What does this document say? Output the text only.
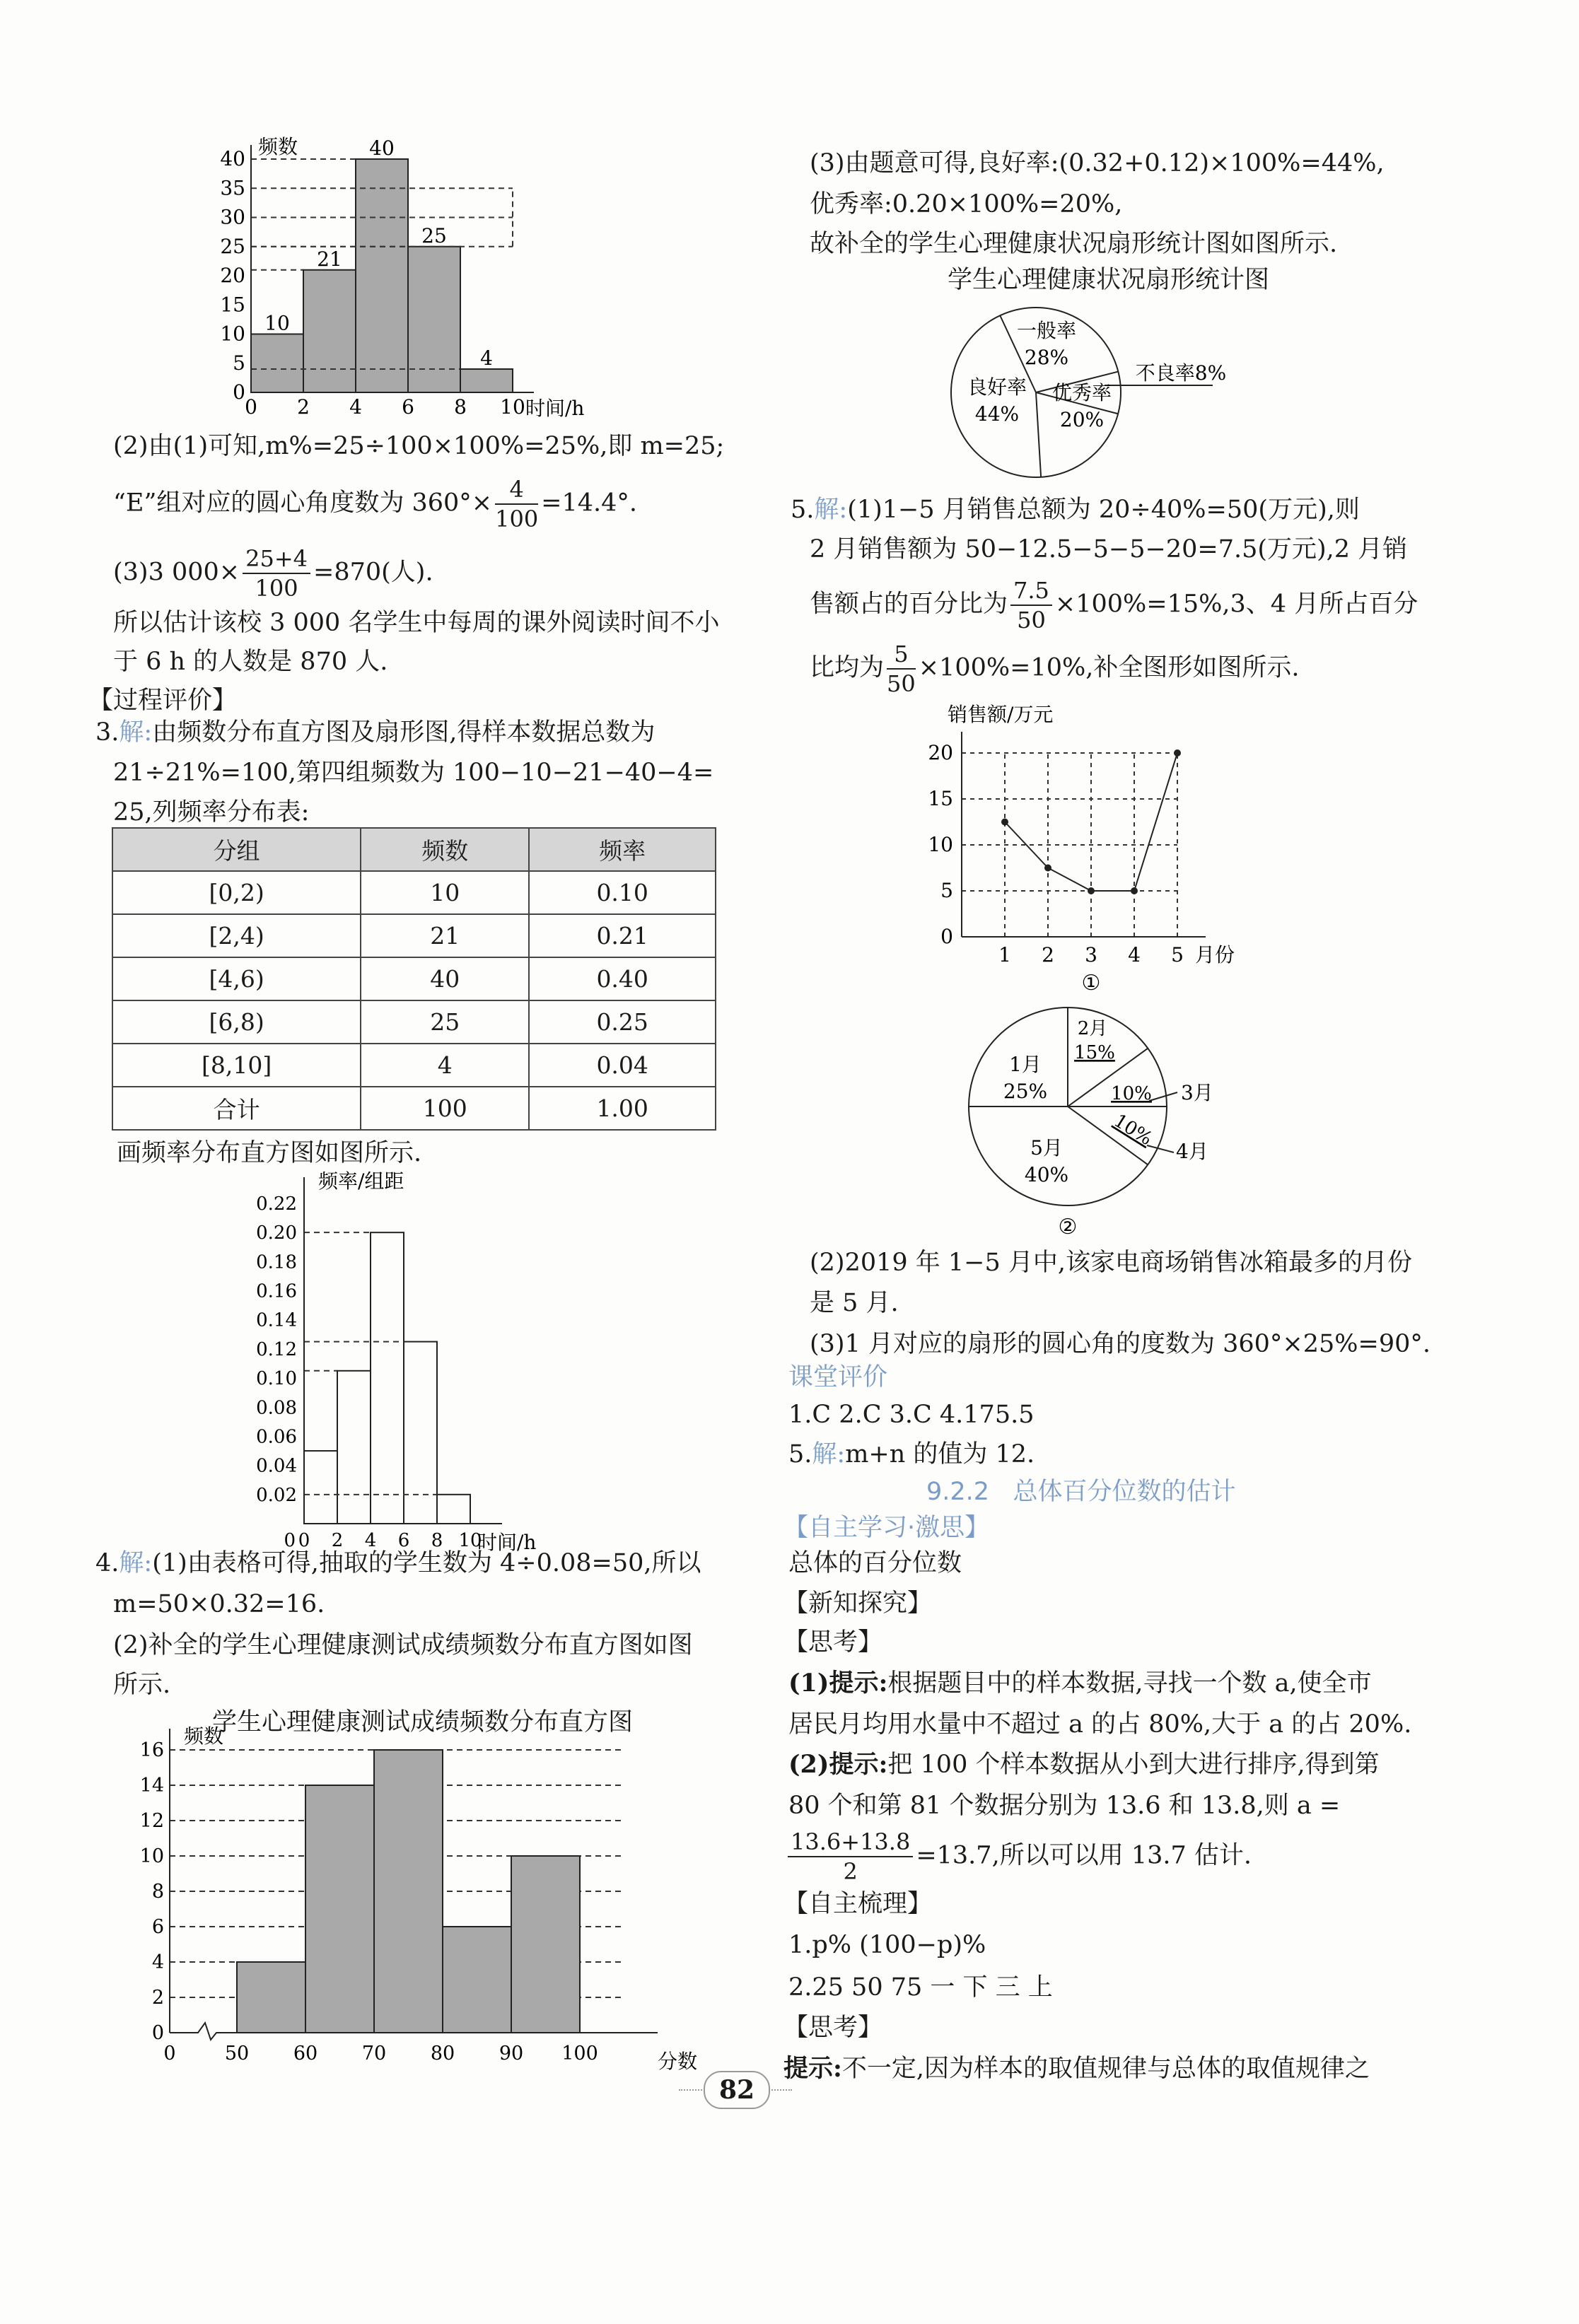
频数
10
21
40
25
4
0
5
10
15
20
25
30
35
40
0 2 4 6 8 10 时间/h
(2)由(1)可知,m%=25÷100×100%=25%,即 m=25;
“E”组对应的圆心角度数为 $360^\circ\times \frac{4}{100} =14.4^\circ$.
(3)3 $000\times \frac{25+4}{100} =870$(人).
所以估计该校 3 000 名学生中每周的课外阅读时间不小
于 6 h 的人数是 870 人.
【过程评价】
3.解:由频数分布直方图及扇形图,得样本数据总数为
21÷21%=100,第四组频数为 100−10−21−40−4=
25,列频率分布表:
分组	频数	频率
[0,2)	10	0.10
[2,4)	21	0.21
[4,6)	40	0.40
[6,8)	25	0.25
[8,10]	4	0.04
合计	100	1.00
画频率分布直方图如图所示.
频率/组距
0.02
0.04
0.06
0.08
0.10
0.12
0.14
0.16
0.18
0.20
0.22
0 2 4 6 8 10
0	时间/h
4.解:(1)由表格可得,抽取的学生数为 4÷0.08=50,所以
m=50×0.32=16.
(2)补全的学生心理健康测试成绩频数分布直方图如图
所示.
学生心理健康测试成绩频数分布直方图
频数
0
2
4
6
8
10
12
14
16
0	50 60 70 80 90 100	分数
(3)由题意可得,良好率:(0.32+0.12)×100%=44%,
优秀率:0.20×100%=20%,
故补全的学生心理健康状况扇形统计图如图所示.
学生心理健康状况扇形统计图
一般率
28%
不良率8%
优秀率
20%
良好率
44%
5.解:(1)1−5 月销售总额为 20÷40%=50(万元),则
2 月销售额为 50−12.5−5−5−20=7.5(万元),2 月销
售额占的百分比为 $\frac{7.5}{50} \times 100\%=15\%,3$、4 月所占百分
比均为 $\frac{5}{50} \times 100\%=10\%$,补全图形如图所示.
销售额/万元
0
5
10
15
20
1 2 3 4 5 月份
①
1月
25%
2月
15%
10% 3月
10%
4月
5月
40%
②
(2)2019 年 1−5 月中,该家电商场销售冰箱最多的月份
是 5 月.
(3)1 月对应的扇形的圆心角的度数为 360°×25%=90°.
课堂评价
1.C 2.C 3.C 4.175.5
5.解:m+n 的值为 12.
9.2.2 总体百分位数的估计
【自主学习·激思】
总体的百分位数
【新知探究】
【思考】
(1)提示:根据题目中的样本数据,寻找一个数 a,使全市
居民月均用水量中不超过 a 的占 80%,大于 a 的占 20%.
(2)提示:把 100 个样本数据从小到大进行排序,得到第
80 个和第 81 个数据分别为 13.6 和 13.8,则 a =
$\frac{13.6+13.8}{2} =13.7$,所以可以用 13.7 估计.
【自主梳理】
1.p% (100−p)%
2.25 50 75 一 下 三 上
【思考】
提示:不一定,因为样本的取值规律与总体的取值规律之
82
